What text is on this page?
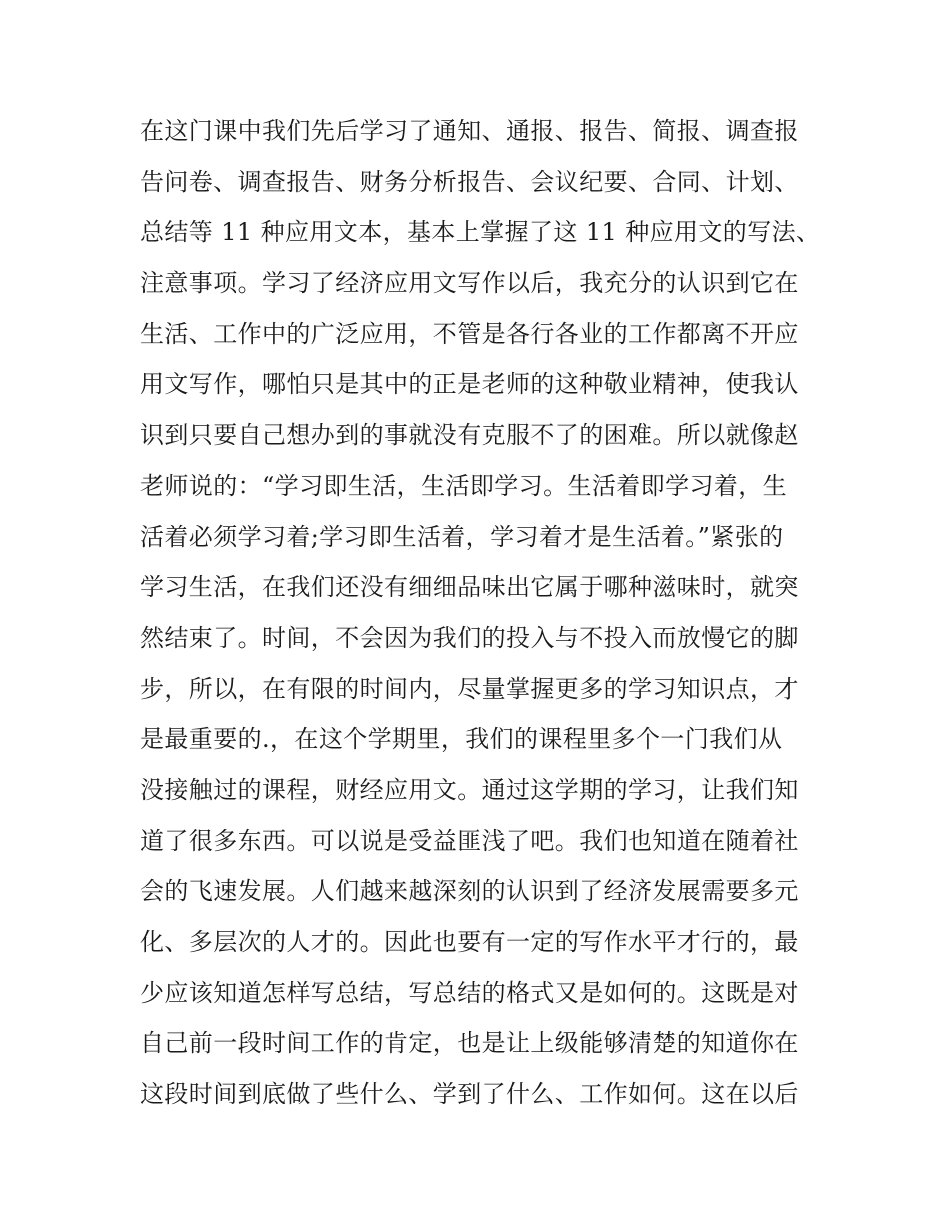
在这门课中我们先后学习了通知、通报、报告、简报、调查报
告问卷、调查报告、财务分析报告、会议纪要、合同、计划、
总结等 11 种应用文本，基本上掌握了这 11 种应用文的写法、
注意事项。学习了经济应用文写作以后，我充分的认识到它在
生活、工作中的广泛应用，不管是各行各业的工作都离不开应
用文写作，哪怕只是其中的正是老师的这种敬业精神，使我认
识到只要自己想办到的事就没有克服不了的困难。所以就像赵
老师说的：“学习即生活，生活即学习。生活着即学习着，生
活着必须学习着;学习即生活着，学习着才是生活着。”紧张的
学习生活，在我们还没有细细品味出它属于哪种滋味时，就突
然结束了。时间，不会因为我们的投入与不投入而放慢它的脚
步，所以，在有限的时间内，尽量掌握更多的学习知识点，才
是最重要的.，在这个学期里，我们的课程里多个一门我们从
没接触过的课程，财经应用文。通过这学期的学习，让我们知
道了很多东西。可以说是受益匪浅了吧。我们也知道在随着社
会的飞速发展。人们越来越深刻的认识到了经济发展需要多元
化、多层次的人才的。因此也要有一定的写作水平才行的，最
少应该知道怎样写总结，写总结的格式又是如何的。这既是对
自己前一段时间工作的肯定，也是让上级能够清楚的知道你在
这段时间到底做了些什么、学到了什么、工作如何。这在以后
